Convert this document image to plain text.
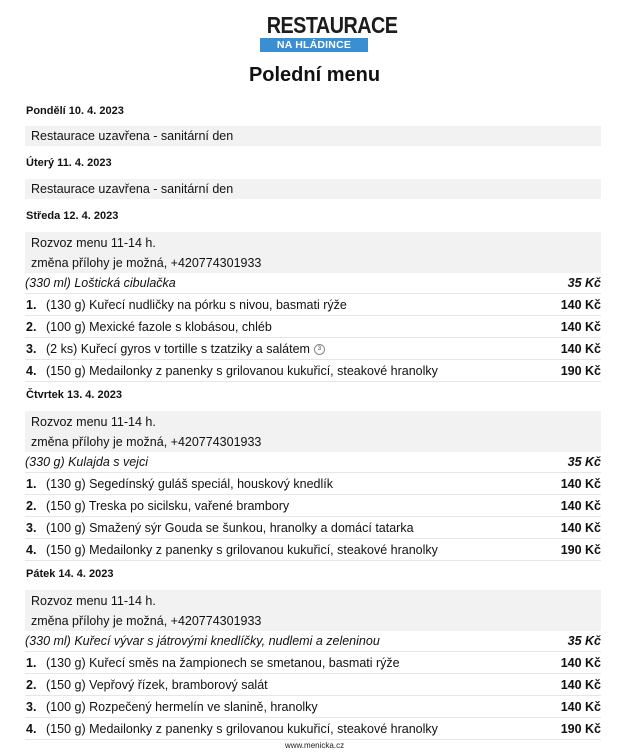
RESTAURACE
NA HLÁDINCE
Polední menu
Pondělí 10. 4. 2023
Restaurace uzavřena - sanitární den
Úterý 11. 4. 2023
Restaurace uzavřena - sanitární den
Středa 12. 4. 2023
Rozvoz menu 11-14 h.
změna přílohy je možná, +420774301933
(330 ml) Loštická cibulačka	35 Kč
1. (130 g) Kuřecí nudličky na pórku s nivou, basmati rýže	140 Kč
2. (100 g) Mexické fazole s klobásou, chléb	140 Kč
3. (2 ks) Kuřecí gyros v tortille s tzatziky a salátem 3	140 Kč
4. (150 g) Medailonky z panenky s grilovanou kukuřicí, steakové hranolky	190 Kč
Čtvrtek 13. 4. 2023
Rozvoz menu 11-14 h.
změna přílohy je možná, +420774301933
(330 g) Kulajda s vejci	35 Kč
1. (130 g) Segedínský guláš speciál, houskový knedlík	140 Kč
2. (150 g) Treska po sicilsku, vařené brambory	140 Kč
3. (100 g) Smažený sýr Gouda se šunkou, hranolky a domácí tatarka	140 Kč
4. (150 g) Medailonky z panenky s grilovanou kukuřicí, steakové hranolky	190 Kč
Pátek 14. 4. 2023
Rozvoz menu 11-14 h.
změna přílohy je možná, +420774301933
(330 ml) Kuřecí vývar s játrovými knedlíčky, nudlemi a zeleninou	35 Kč
1. (130 g) Kuřecí směs na žampionech se smetanou, basmati rýže	140 Kč
2. (150 g) Vepřový řízek, bramborový salát	140 Kč
3. (100 g) Rozpečený hermelín ve slanině, hranolky	140 Kč
4. (150 g) Medailonky z panenky s grilovanou kukuřicí, steakové hranolky	190 Kč
www.menicka.cz
